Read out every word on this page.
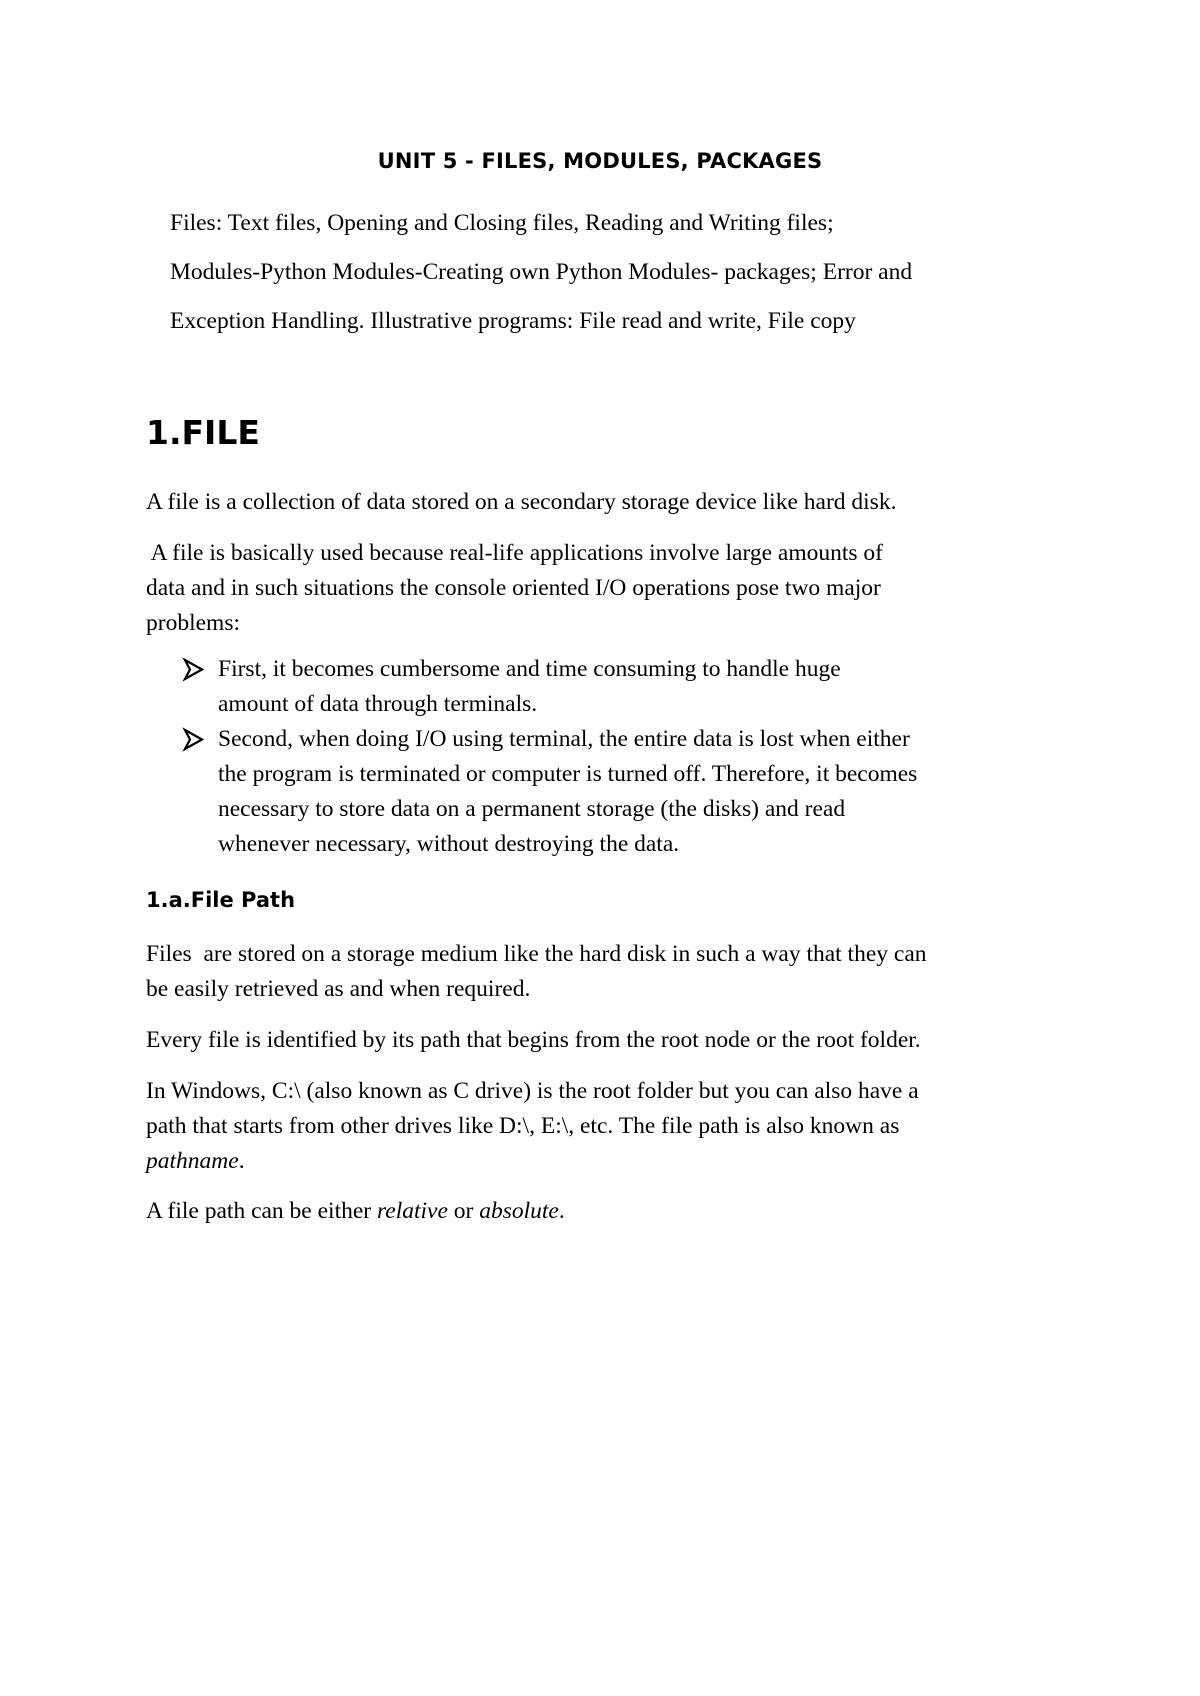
UNIT 5 - FILES, MODULES, PACKAGES
Files: Text files, Opening and Closing files, Reading and Writing files;
Modules-Python Modules-Creating own Python Modules- packages; Error and
Exception Handling. Illustrative programs: File read and write, File copy
1.FILE
A file is a collection of data stored on a secondary storage device like hard disk.
A file is basically used because real-life applications involve large amounts of
data and in such situations the console oriented I/O operations pose two major
problems:
First, it becomes cumbersome and time consuming to handle huge
amount of data through terminals.
Second, when doing I/O using terminal, the entire data is lost when either
the program is terminated or computer is turned off. Therefore, it becomes
necessary to store data on a permanent storage (the disks) and read
whenever necessary, without destroying the data.
1.a.File Path
Files  are stored on a storage medium like the hard disk in such a way that they can
be easily retrieved as and when required.
Every file is identified by its path that begins from the root node or the root folder.
In Windows, C:\ (also known as C drive) is the root folder but you can also have a
path that starts from other drives like D:\, E:\, etc. The file path is also known as
pathname.
A file path can be either relative or absolute.
